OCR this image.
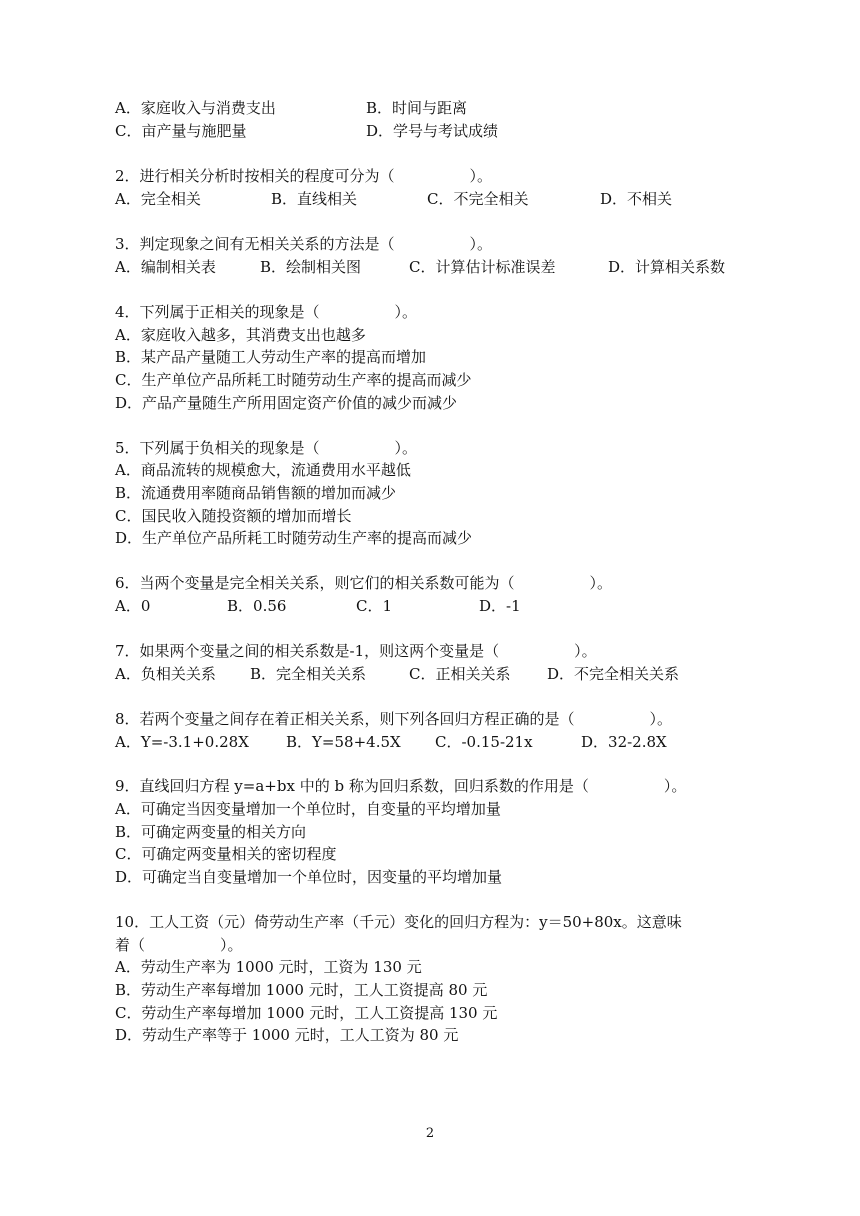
A．家庭收入与消费支出

	B．时间与距离

C．亩产量与施肥量

	D．学号与考试成绩

2．进行相关分析时按相关的程度可分为（　　　　　）。

A．完全相关

	B．直线相关

	C．不完全相关

	D．不相关

3．判定现象之间有无相关关系的方法是（　　　　　）。

A．编制相关表

	B．绘制相关图

	C．计算估计标准误差

	D．计算相关系数

4．下列属于正相关的现象是（　　　　　）。
A．家庭收入越多，其消费支出也越多
B．某产品产量随工人劳动生产率的提高而增加
C．生产单位产品所耗工时随劳动生产率的提高而减少
D．产品产量随生产所用固定资产价值的减少而减少
5．下列属于负相关的现象是（　　　　　）。
A．商品流转的规模愈大，流通费用水平越低
B．流通费用率随商品销售额的增加而减少
C．国民收入随投资额的增加而增长
D．生产单位产品所耗工时随劳动生产率的提高而减少
6．当两个变量是完全相关关系，则它们的相关系数可能为（　　　　　）。

A．0

	B．0.56

	C．1

	D．-1

7．如果两个变量之间的相关系数是-1，则这两个变量是（　　　　　）。

A．负相关关系

B．完全相关关系

	C．正相关关系

D．不完全相关关系

8．若两个变量之间存在着正相关关系，则下列各回归方程正确的是（　　　　　）。

A．Y=-3.1+0.28X

B．Y=58+4.5X

C．-0.15-21x

	D．32-2.8X

9．直线回归方程 y=a+bx 中的 b 称为回归系数，回归系数的作用是（　　　　　）。
A．可确定当因变量增加一个单位时，自变量的平均增加量
B．可确定两变量的相关方向
C．可确定两变量相关的密切程度
D．可确定当自变量增加一个单位时，因变量的平均增加量
10．工人工资（元）倚劳动生产率（千元）变化的回归方程为：y＝50+80x。这意味
着（　　　　　）。
A．劳动生产率为 1000 元时，工资为 130 元
B．劳动生产率每增加 1000 元时，工人工资提高 80 元
C．劳动生产率每增加 1000 元时，工人工资提高 130 元
D．劳动生产率等于 1000 元时，工人工资为 80 元
2
